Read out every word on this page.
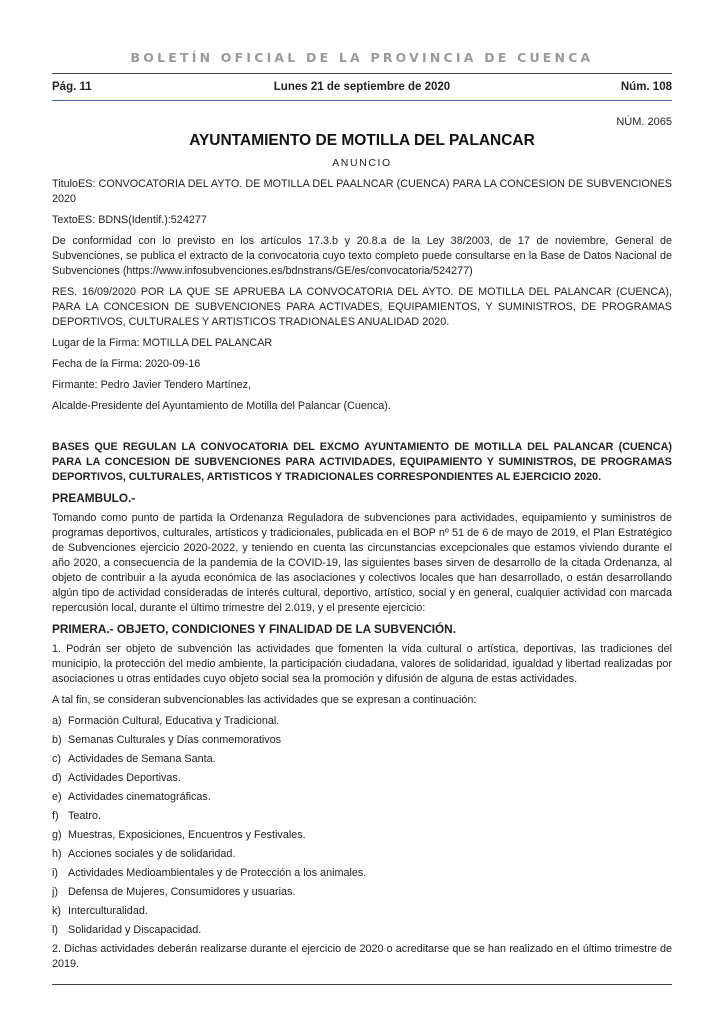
BOLETÍN OFICIAL DE LA PROVINCIA DE CUENCA
Lunes 21 de septiembre de 2020
Pág. 11	Núm. 108
NÚM. 2065
AYUNTAMIENTO DE MOTILLA DEL PALANCAR
ANUNCIO

TituloES: CONVOCATORIA DEL AYTO. DE MOTILLA DEL PAALNCAR (CUENCA) PARA LA CONCESION DE SUBVENCIONES 2020

TextoES: BDNS(Identif.):524277

De conformidad con lo previsto en los artículos 17.3.b y 20.8.a de la Ley 38/2003, de 17 de noviembre, General de Subvenciones, se publica el extracto de la convocatoria cuyo texto completo puede consultarse en la Base de Datos Nacional de Subvenciones (https://www.infosubvenciones.es/bdnstrans/GE/es/convocatoria/524277)

RES. 16/09/2020 POR LA QUE SE APRUEBA LA CONVOCATORIA DEL AYTO. DE MOTILLA DEL PALANCAR (CUENCA), PARA LA CONCESION DE SUBVENCIONES PARA ACTIVADES, EQUIPAMIENTOS, Y SUMINISTROS, DE PROGRAMAS DEPORTIVOS, CULTURALES Y ARTISTICOS TRADIONALES ANUALIDAD 2020.

Lugar de la Firma: MOTILLA DEL PALANCAR

Fecha de la Firma: 2020-09-16

Firmante: Pedro Javier Tendero Martínez,

Alcalde-Presidente del Ayuntamiento de Motilla del Palancar (Cuenca).

BASES QUE REGULAN LA CONVOCATORIA DEL EXCMO AYUNTAMIENTO DE MOTILLA DEL PALANCAR (CUENCA) PARA LA CONCESION DE SUBVENCIONES PARA ACTIVIDADES, EQUIPAMIENTO Y SUMINISTROS, DE PROGRAMAS DEPORTIVOS, CULTURALES, ARTISTICOS Y TRADICIONALES CORRESPONDIENTES AL EJERCICIO 2020.

PREAMBULO.-

Tomando como punto de partida la Ordenanza Reguladora de subvenciones para actividades, equipamiento y suministros de programas deportivos, culturales, artísticos y tradicionales, publicada en el BOP nº 51 de 6 de mayo de 2019, el Plan Estratégico de Subvenciones ejercicio 2020-2022, y teniendo en cuenta las circunstancias excepcionales que estamos viviendo durante el año 2020, a consecuencia de la pandemia de la COVID-19, las siguientes bases sirven de desarrollo de la citada Ordenanza, al objeto de contribuir a la ayuda económica de las asociaciones y colectivos locales que han desarrollado, o están desarrollando algún tipo de actividad consideradas de interés cultural, deportivo, artístico, social y en general, cualquier actividad con marcada repercusión local, durante el último trimestre del 2.019, y el presente ejercicio:

PRIMERA.- OBJETO, CONDICIONES Y FINALIDAD DE LA SUBVENCIÓN.

1. Podrán ser objeto de subvención las actividades que fomenten la vida cultural o artística, deportivas, las tradiciones del municipio, la protección del medio ambiente, la participación ciudadana, valores de solidaridad, igualdad y libertad realizadas por asociaciones u otras entidades cuyo objeto social sea la promoción y difusión de alguna de estas actividades.

A tal fin, se consideran subvencionables las actividades que se expresan a continuación:

a) Formación Cultural, Educativa y Tradicional.

b) Semanas Culturales y Días conmemorativos

c) Actividades de Semana Santa.

d) Actividades Deportivas.

e) Actividades cinematográficas.

f) Teatro.

g) Muestras, Exposiciones, Encuentros y Festivales.

h) Acciones sociales y de solidaridad.

i) Actividades Medioambientales y de Protección a los animales.

j) Defensa de Mujeres, Consumidores y usuarias.

k) Interculturalidad.

l) Solidaridad y Discapacidad.

2. Dichas actividades deberán realizarse durante el ejercicio de 2020 o acreditarse que se han realizado en el último trimestre de 2019.
